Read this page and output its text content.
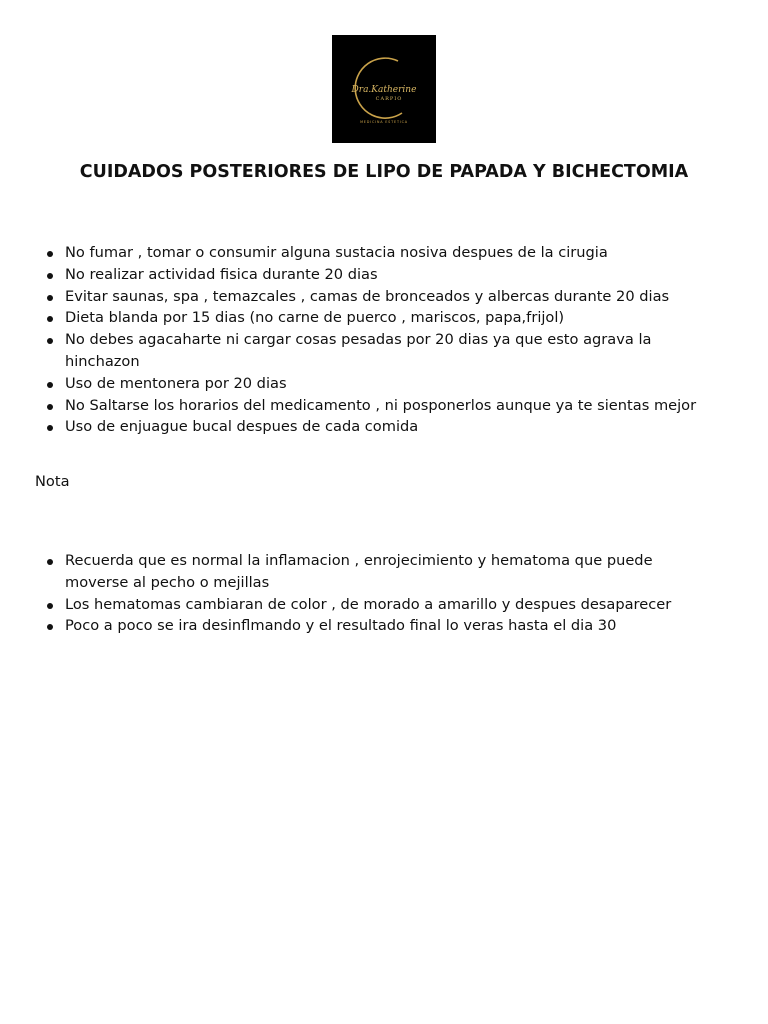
Dra.Katherine
CARPIO
MEDICINA ESTETICA
CUIDADOS POSTERIORES DE LIPO DE PAPADA Y BICHECTOMIA
No fumar , tomar o consumir alguna sustacia nosiva despues de la cirugia
No realizar actividad fisica durante 20 dias
Evitar saunas, spa , temazcales , camas de bronceados y albercas durante 20 dias
Dieta blanda por 15 dias (no carne de puerco , mariscos, papa,frijol)
No debes agacaharte ni cargar cosas pesadas por 20 dias ya que esto agrava la hinchazon
Uso de mentonera por 20 dias
No Saltarse los horarios del medicamento , ni posponerlos aunque ya te sientas mejor
Uso de enjuague bucal despues de cada comida
Nota
Recuerda que es normal la inflamacion , enrojecimiento y hematoma que puede moverse al pecho o mejillas
Los hematomas cambiaran de color , de morado a amarillo y despues desaparecer
Poco a poco se ira desinflmando y el resultado final lo veras hasta el dia 30
